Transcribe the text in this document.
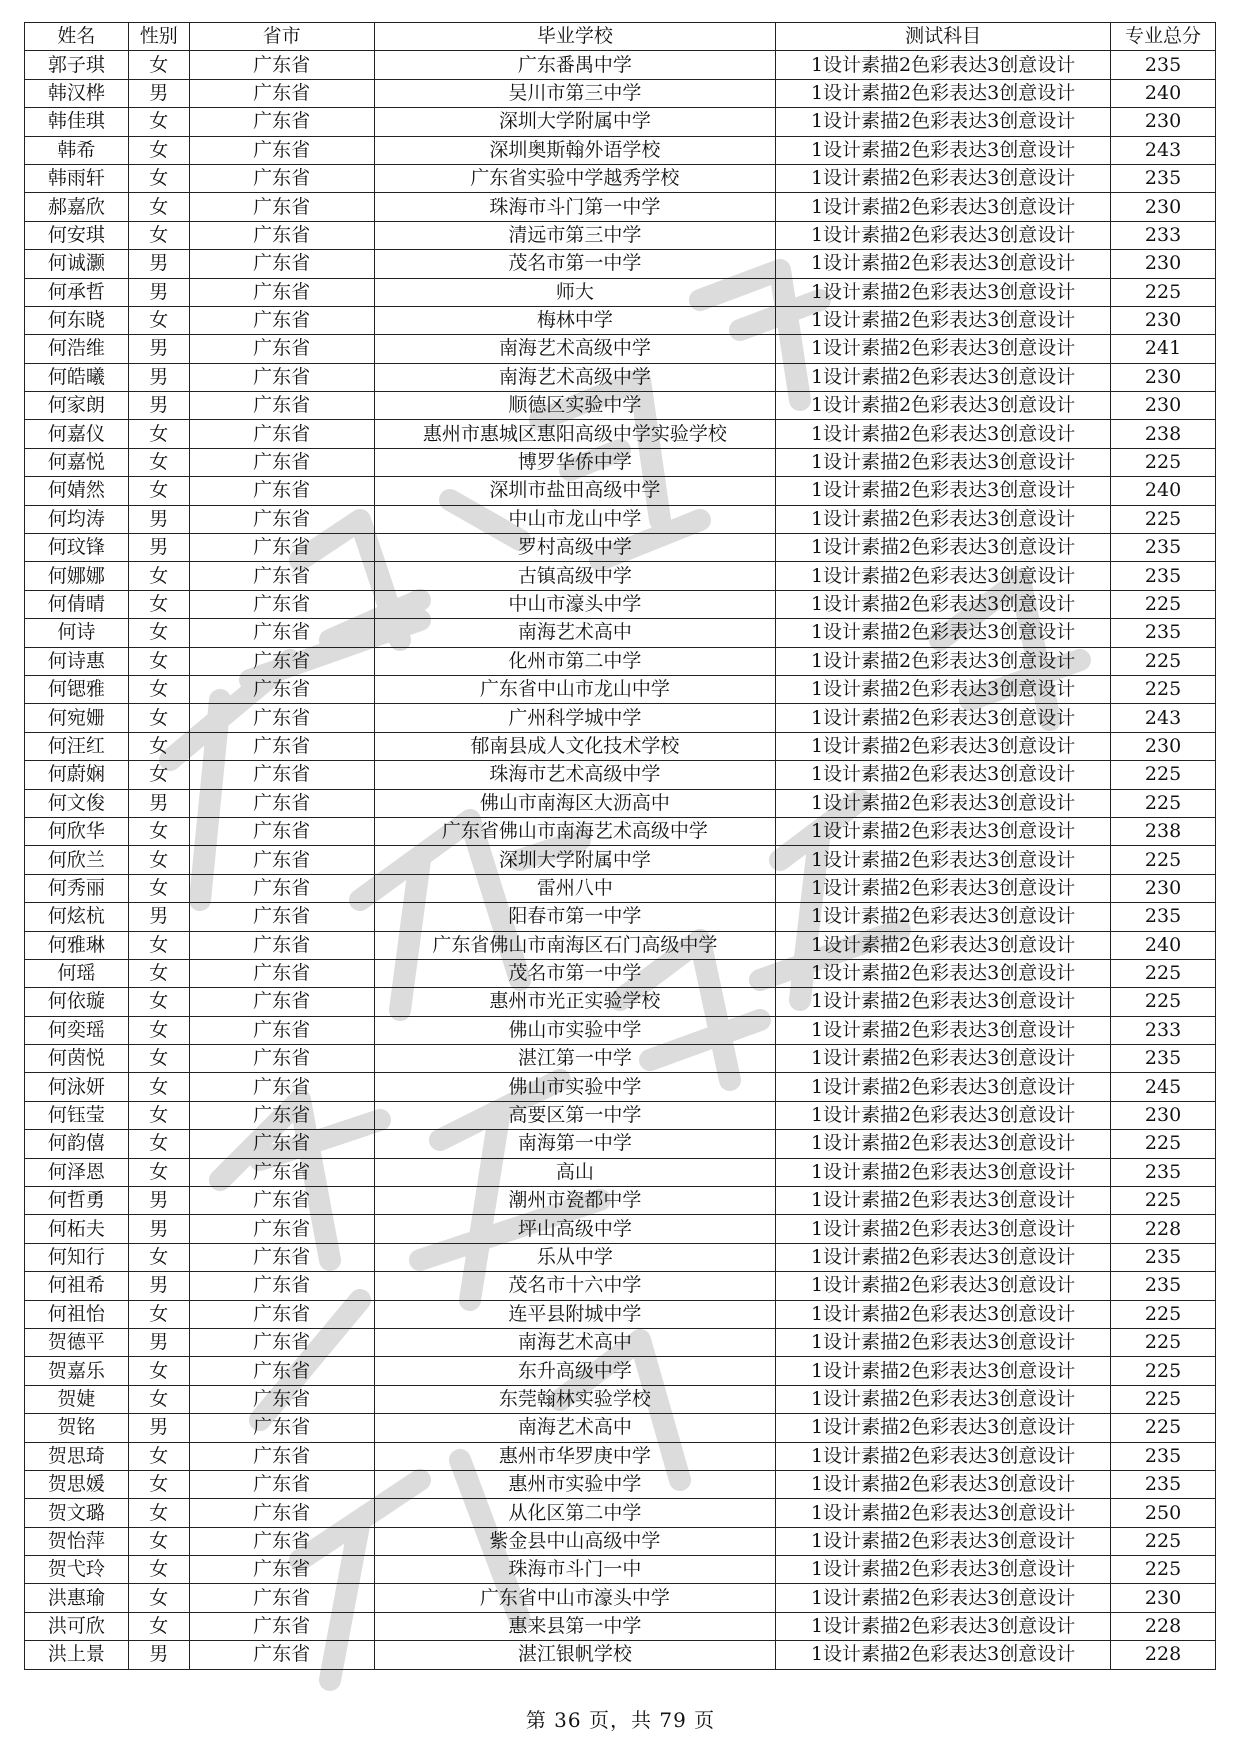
姓名	性别	省市	毕业学校	测试科目	专业总分
郭子琪	女	广东省	广东番禺中学	1设计素描2色彩表达3创意设计	235
韩汉桦	男	广东省	吴川市第三中学	1设计素描2色彩表达3创意设计	240
韩佳琪	女	广东省	深圳大学附属中学	1设计素描2色彩表达3创意设计	230
韩希	女	广东省	深圳奥斯翰外语学校	1设计素描2色彩表达3创意设计	243
韩雨轩	女	广东省	广东省实验中学越秀学校	1设计素描2色彩表达3创意设计	235
郝嘉欣	女	广东省	珠海市斗门第一中学	1设计素描2色彩表达3创意设计	230
何安琪	女	广东省	清远市第三中学	1设计素描2色彩表达3创意设计	233
何诚灏	男	广东省	茂名市第一中学	1设计素描2色彩表达3创意设计	230
何承哲	男	广东省	师大	1设计素描2色彩表达3创意设计	225
何东晓	女	广东省	梅林中学	1设计素描2色彩表达3创意设计	230
何浩维	男	广东省	南海艺术高级中学	1设计素描2色彩表达3创意设计	241
何皓曦	男	广东省	南海艺术高级中学	1设计素描2色彩表达3创意设计	230
何家朗	男	广东省	顺德区实验中学	1设计素描2色彩表达3创意设计	230
何嘉仪	女	广东省	惠州市惠城区惠阳高级中学实验学校	1设计素描2色彩表达3创意设计	238
何嘉悦	女	广东省	博罗华侨中学	1设计素描2色彩表达3创意设计	225
何婧然	女	广东省	深圳市盐田高级中学	1设计素描2色彩表达3创意设计	240
何均涛	男	广东省	中山市龙山中学	1设计素描2色彩表达3创意设计	225
何玟锋	男	广东省	罗村高级中学	1设计素描2色彩表达3创意设计	235
何娜娜	女	广东省	古镇高级中学	1设计素描2色彩表达3创意设计	235
何倩晴	女	广东省	中山市濠头中学	1设计素描2色彩表达3创意设计	225
何诗	女	广东省	南海艺术高中	1设计素描2色彩表达3创意设计	235
何诗惠	女	广东省	化州市第二中学	1设计素描2色彩表达3创意设计	225
何锶雅	女	广东省	广东省中山市龙山中学	1设计素描2色彩表达3创意设计	225
何宛姗	女	广东省	广州科学城中学	1设计素描2色彩表达3创意设计	243
何汪红	女	广东省	郁南县成人文化技术学校	1设计素描2色彩表达3创意设计	230
何蔚娴	女	广东省	珠海市艺术高级中学	1设计素描2色彩表达3创意设计	225
何文俊	男	广东省	佛山市南海区大沥高中	1设计素描2色彩表达3创意设计	225
何欣华	女	广东省	广东省佛山市南海艺术高级中学	1设计素描2色彩表达3创意设计	238
何欣兰	女	广东省	深圳大学附属中学	1设计素描2色彩表达3创意设计	225
何秀丽	女	广东省	雷州八中	1设计素描2色彩表达3创意设计	230
何炫杭	男	广东省	阳春市第一中学	1设计素描2色彩表达3创意设计	235
何雅琳	女	广东省	广东省佛山市南海区石门高级中学	1设计素描2色彩表达3创意设计	240
何瑶	女	广东省	茂名市第一中学	1设计素描2色彩表达3创意设计	225
何依璇	女	广东省	惠州市光正实验学校	1设计素描2色彩表达3创意设计	225
何奕瑶	女	广东省	佛山市实验中学	1设计素描2色彩表达3创意设计	233
何茵悦	女	广东省	湛江第一中学	1设计素描2色彩表达3创意设计	235
何泳妍	女	广东省	佛山市实验中学	1设计素描2色彩表达3创意设计	245
何钰莹	女	广东省	高要区第一中学	1设计素描2色彩表达3创意设计	230
何韵僖	女	广东省	南海第一中学	1设计素描2色彩表达3创意设计	225
何泽恩	女	广东省	高山	1设计素描2色彩表达3创意设计	235
何哲勇	男	广东省	潮州市瓷都中学	1设计素描2色彩表达3创意设计	225
何柘夫	男	广东省	坪山高级中学	1设计素描2色彩表达3创意设计	228
何知行	女	广东省	乐从中学	1设计素描2色彩表达3创意设计	235
何祖希	男	广东省	茂名市十六中学	1设计素描2色彩表达3创意设计	235
何祖怡	女	广东省	连平县附城中学	1设计素描2色彩表达3创意设计	225
贺德平	男	广东省	南海艺术高中	1设计素描2色彩表达3创意设计	225
贺嘉乐	女	广东省	东升高级中学	1设计素描2色彩表达3创意设计	225
贺婕	女	广东省	东莞翰林实验学校	1设计素描2色彩表达3创意设计	225
贺铭	男	广东省	南海艺术高中	1设计素描2色彩表达3创意设计	225
贺思琦	女	广东省	惠州市华罗庚中学	1设计素描2色彩表达3创意设计	235
贺思媛	女	广东省	惠州市实验中学	1设计素描2色彩表达3创意设计	235
贺文璐	女	广东省	从化区第二中学	1设计素描2色彩表达3创意设计	250
贺怡萍	女	广东省	紫金县中山高级中学	1设计素描2色彩表达3创意设计	225
贺弋玲	女	广东省	珠海市斗门一中	1设计素描2色彩表达3创意设计	225
洪惠瑜	女	广东省	广东省中山市濠头中学	1设计素描2色彩表达3创意设计	230
洪可欣	女	广东省	惠来县第一中学	1设计素描2色彩表达3创意设计	228
洪上景	男	广东省	湛江银帆学校	1设计素描2色彩表达3创意设计	228
第 36 页，共 79 页
